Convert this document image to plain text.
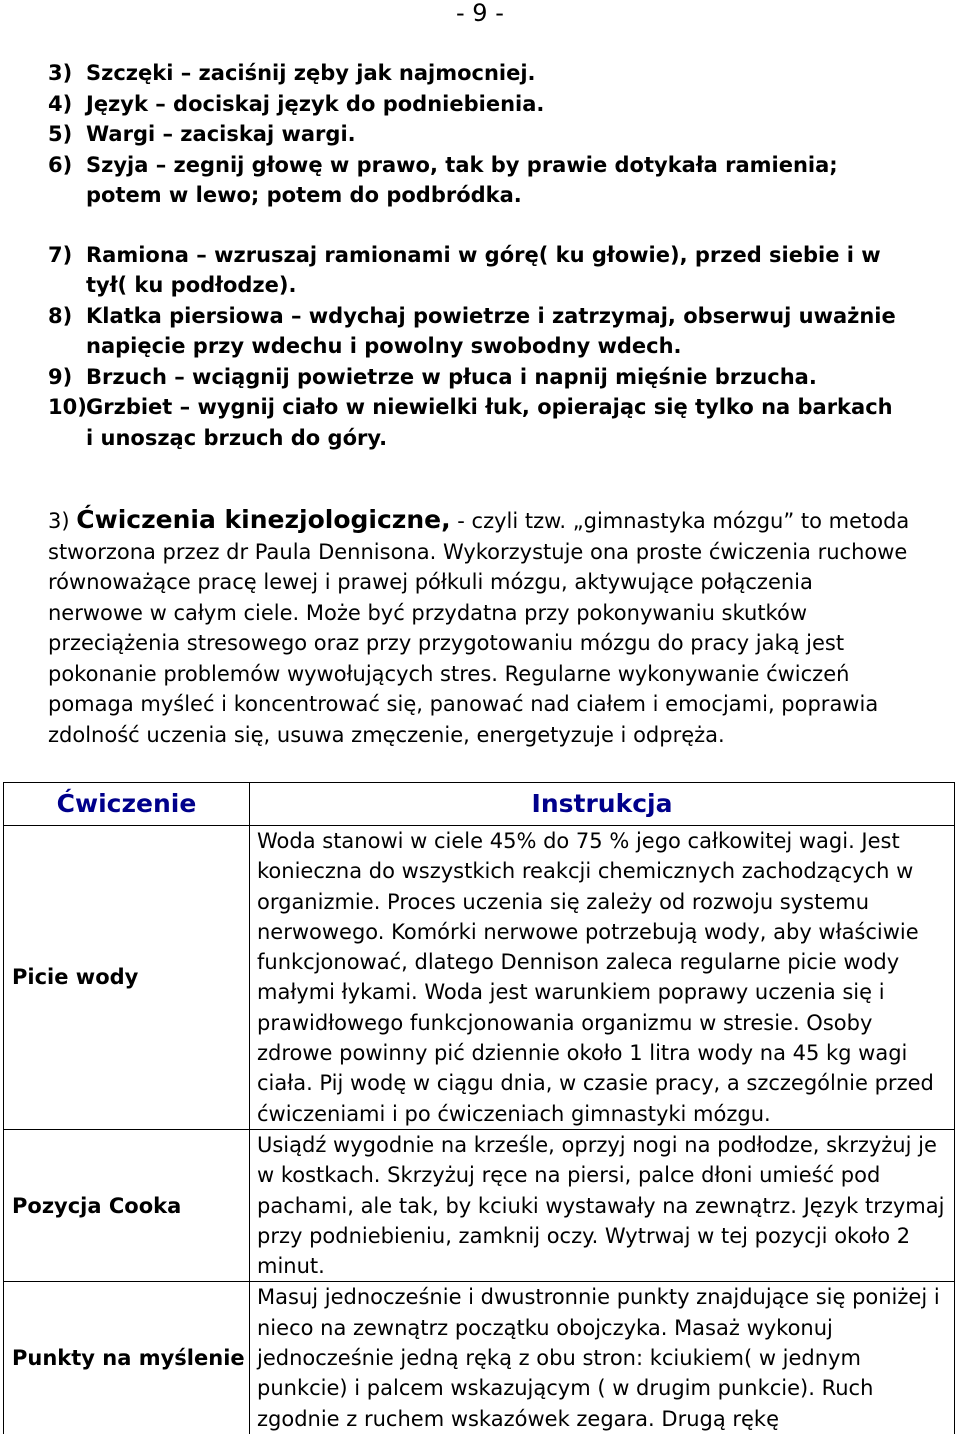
- 9 -
3) Szczęki – zaciśnij zęby jak najmocniej.
4) Język – dociskaj język do podniebienia.
5) Wargi – zaciskaj wargi.
6) Szyja – zegnij głowę w prawo, tak by prawie dotykała ramienia;
potem w lewo; potem do podbródka.
7) Ramiona – wzruszaj ramionami w górę( ku głowie), przed siebie i w
tył( ku podłodze).
8) Klatka piersiowa – wdychaj powietrze i zatrzymaj, obserwuj uważnie
napięcie przy wdechu i powolny swobodny wdech.
9) Brzuch – wciągnij powietrze w płuca i napnij mięśnie brzucha.
10)Grzbiet – wygnij ciało w niewielki łuk, opierając się tylko na barkach
i unosząc brzuch do góry.
3) Ćwiczenia kinezjologiczne, - czyli tzw. „gimnastyka mózgu” to metoda
stworzona przez dr Paula Dennisona. Wykorzystuje ona proste ćwiczenia ruchowe
równoważące pracę lewej i prawej półkuli mózgu, aktywujące połączenia
nerwowe w całym ciele. Może być przydatna przy pokonywaniu skutków
przeciążenia stresowego oraz przy przygotowaniu mózgu do pracy jaką jest
pokonanie problemów wywołujących stres. Regularne wykonywanie ćwiczeń
pomaga myśleć i koncentrować się, panować nad ciałem i emocjami, poprawia
zdolność uczenia się, usuwa zmęczenie, energetyzuje i odpręża.
Ćwiczenie	Instrukcja
Picie wody	Woda stanowi w ciele 45% do 75 % jego całkowitej wagi. Jest konieczna do wszystkich reakcji chemicznych zachodzących w organizmie. Proces uczenia się zależy od rozwoju systemu nerwowego. Komórki nerwowe potrzebują wody, aby właściwie funkcjonować, dlatego Dennison zaleca regularne picie wody małymi łykami. Woda jest warunkiem poprawy uczenia się i prawidłowego funkcjonowania organizmu w stresie. Osoby zdrowe powinny pić dziennie około 1 litra wody na 45 kg wagi ciała. Pij wodę w ciągu dnia, w czasie pracy, a szczególnie przed ćwiczeniami i po ćwiczeniach gimnastyki mózgu.
Pozycja Cooka	Usiądź wygodnie na krześle, oprzyj nogi na podłodze, skrzyżuj je w kostkach. Skrzyżuj ręce na piersi, palce dłoni umieść pod pachami, ale tak, by kciuki wystawały na zewnątrz. Język trzymaj przy podniebieniu, zamknij oczy. Wytrwaj w tej pozycji około 2 minut.
Punkty na myślenie	Masuj jednocześnie i dwustronnie punkty znajdujące się poniżej i nieco na zewnątrz początku obojczyka. Masaż wykonuj jednocześnie jedną ręką z obu stron: kciukiem( w jednym punkcie) i palcem wskazującym ( w drugim punkcie). Ruch zgodnie z ruchem wskazówek zegara. Drugą rękę
